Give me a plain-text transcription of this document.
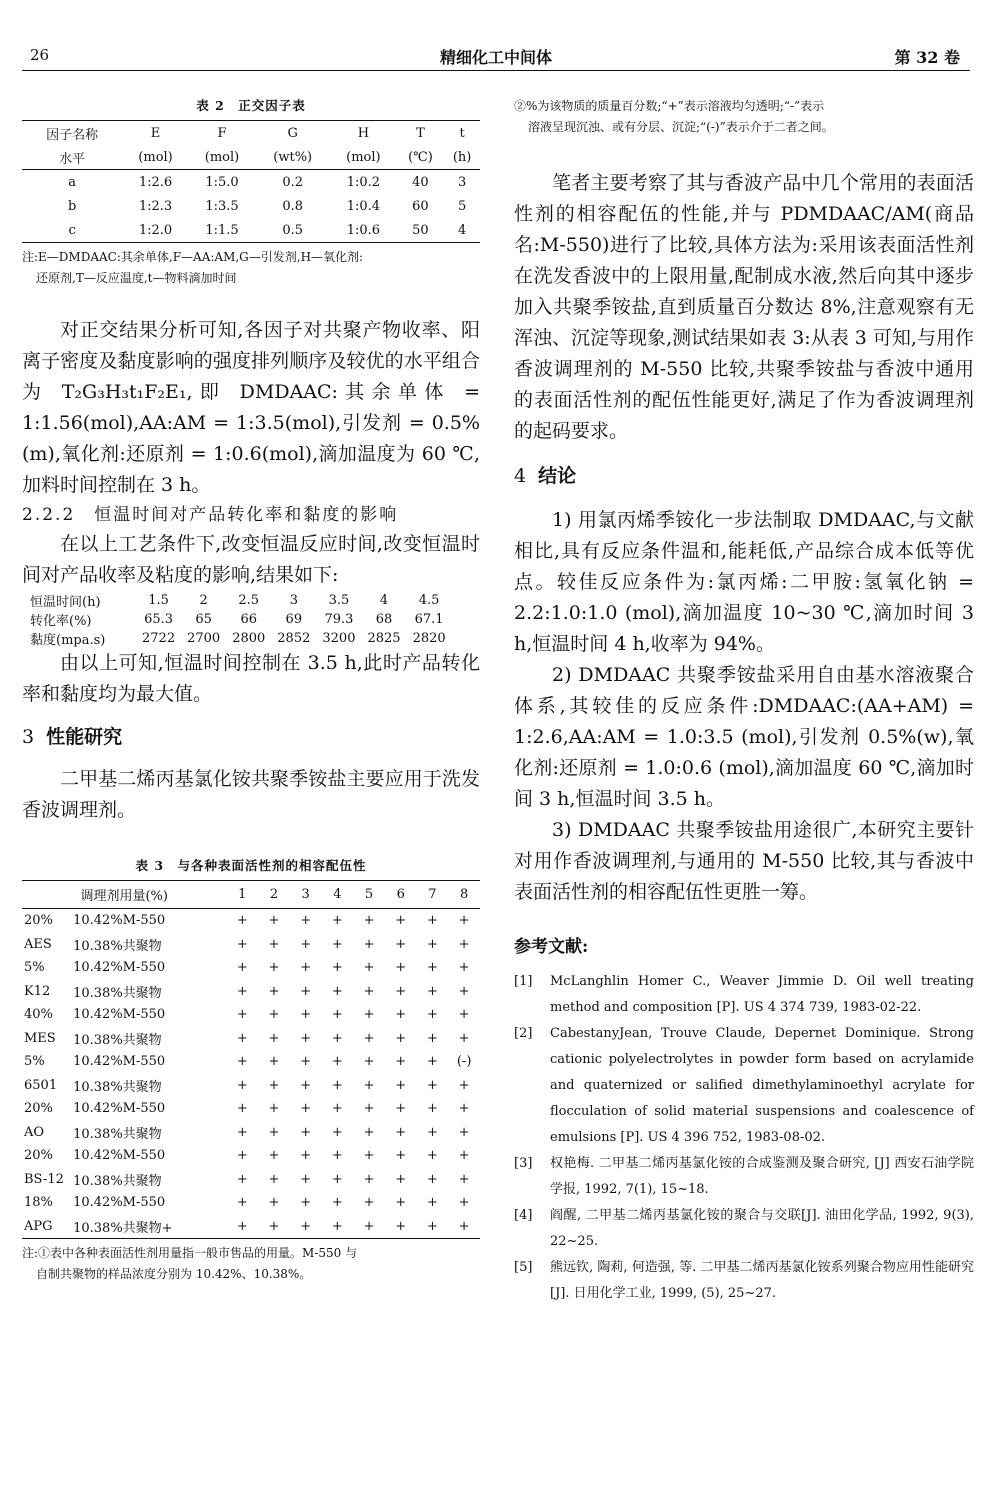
26	精细化工中间体	第 32 卷
表 2　正交因子表
因子名称	E	F	G	H	T	t
水平	(mol)	(mol)	(wt%)	(mol)	(℃)	(h)
a	1:2.6	1:5.0	0.2	1:0.2	40	3
b	1:2.3	1:3.5	0.8	1:0.4	60	5
c	1:2.0	1:1.5	0.5	1:0.6	50	4
注:E—DMDAAC:其余单体,F—AA:AM,G—引发剂,H—氧化剂:
还原剂,T—反应温度,t—物料滴加时间

对正交结果分析可知,各因子对共聚产物收率、阳离子密度及黏度影响的强度排列顺序及较优的水平组合为 T₂G₃H₃t₁F₂E₁,即 DMDAAC:其余单体 = 1:1.56(mol),AA:AM = 1:3.5(mol),引发剂 = 0.5%(m),氧化剂:还原剂 = 1:0.6(mol),滴加温度为 60 ℃,加料时间控制在 3 h。

2.2.2　恒温时间对产品转化率和黏度的影响

在以上工艺条件下,改变恒温反应时间,改变恒温时间对产品收率及粘度的影响,结果如下:

恒温时间(h)	1.5	2	2.5	3	3.5	4	4.5
转化率(%)	65.3	65	66	69	79.3	68	67.1
黏度(mpa.s)	2722	2700	2800	2852	3200	2825	2820

由以上可知,恒温时间控制在 3.5 h,此时产品转化率和黏度均为最大值。

3 性能研究

二甲基二烯丙基氯化铵共聚季铵盐主要应用于洗发香波调理剂。

表 3　与各种表面活性剂的相容配伍性
调理剂用量(%)		1	2	3	4	5	6	7	8
20%	10.42%M-550	+	+	+	+	+	+	+	+
AES	10.38%共聚物	+	+	+	+	+	+	+	+
5%	10.42%M-550	+	+	+	+	+	+	+	+
K12	10.38%共聚物	+	+	+	+	+	+	+	+
40%	10.42%M-550	+	+	+	+	+	+	+	+
MES	10.38%共聚物	+	+	+	+	+	+	+	+
5%	10.42%M-550	+	+	+	+	+	+	+	(-)
6501	10.38%共聚物	+	+	+	+	+	+	+	+
20%	10.42%M-550	+	+	+	+	+	+	+	+
AO	10.38%共聚物	+	+	+	+	+	+	+	+
20%	10.42%M-550	+	+	+	+	+	+	+	+
BS-12	10.38%共聚物	+	+	+	+	+	+	+	+
18%	10.42%M-550	+	+	+	+	+	+	+	+
APG	10.38%共聚物+	+	+	+	+	+	+	+	+
注:①表中各种表面活性剂用量指一般市售品的用量。M-550 与
自制共聚物的样品浓度分别为 10.42%、10.38%。
②%为该物质的质量百分数;“+”表示溶液均匀透明;“-”表示
溶液呈现沉浊、或有分层、沉淀;“(-)”表示介于二者之间。

笔者主要考察了其与香波产品中几个常用的表面活性剂的相容配伍的性能,并与 PDMDAAC/AM(商品名:M-550)进行了比较,具体方法为:采用该表面活性剂在洗发香波中的上限用量,配制成水液,然后向其中逐步加入共聚季铵盐,直到质量百分数达 8%,注意观察有无浑浊、沉淀等现象,测试结果如表 3:从表 3 可知,与用作香波调理剂的 M-550 比较,共聚季铵盐与香波中通用的表面活性剂的配伍性能更好,满足了作为香波调理剂的起码要求。

4 结论

1) 用氯丙烯季铵化一步法制取 DMDAAC,与文献相比,具有反应条件温和,能耗低,产品综合成本低等优点。较佳反应条件为:氯丙烯:二甲胺:氢氧化钠 = 2.2:1.0:1.0 (mol),滴加温度 10~30 ℃,滴加时间 3 h,恒温时间 4 h,收率为 94%。

2) DMDAAC 共聚季铵盐采用自由基水溶液聚合体系,其较佳的反应条件:DMDAAC:(AA+AM) = 1:2.6,AA:AM = 1.0:3.5 (mol),引发剂 0.5%(w),氧化剂:还原剂 = 1.0:0.6 (mol),滴加温度 60 ℃,滴加时间 3 h,恒温时间 3.5 h。

3) DMDAAC 共聚季铵盐用途很广,本研究主要针对用作香波调理剂,与通用的 M-550 比较,其与香波中表面活性剂的相容配伍性更胜一筹。

参考文献:
[1]	McLanghlin Homer C., Weaver Jimmie D. Oil well treating method and composition [P]. US 4 374 739, 1983-02-22.
[2]	CabestanyJean, Trouve Claude, Depernet Dominique. Strong cationic polyelectrolytes in powder form based on acrylamide and quaternized or salified dimethylaminoethyl acrylate for flocculation of solid material suspensions and coalescence of emulsions [P]. US 4 396 752, 1983-08-02.
[3]	权艳梅. 二甲基二烯丙基氯化铵的合成鉴测及聚合研究, [J] 西安石油学院学报, 1992, 7(1), 15~18.
[4]	阎醒, 二甲基二烯丙基氯化铵的聚合与交联[J]. 油田化学品, 1992, 9(3), 22~25.
[5]	熊远钦, 陶莉, 何造强, 等. 二甲基二烯丙基氯化铵系列聚合物应用性能研究[J]. 日用化学工业, 1999, (5), 25~27.
